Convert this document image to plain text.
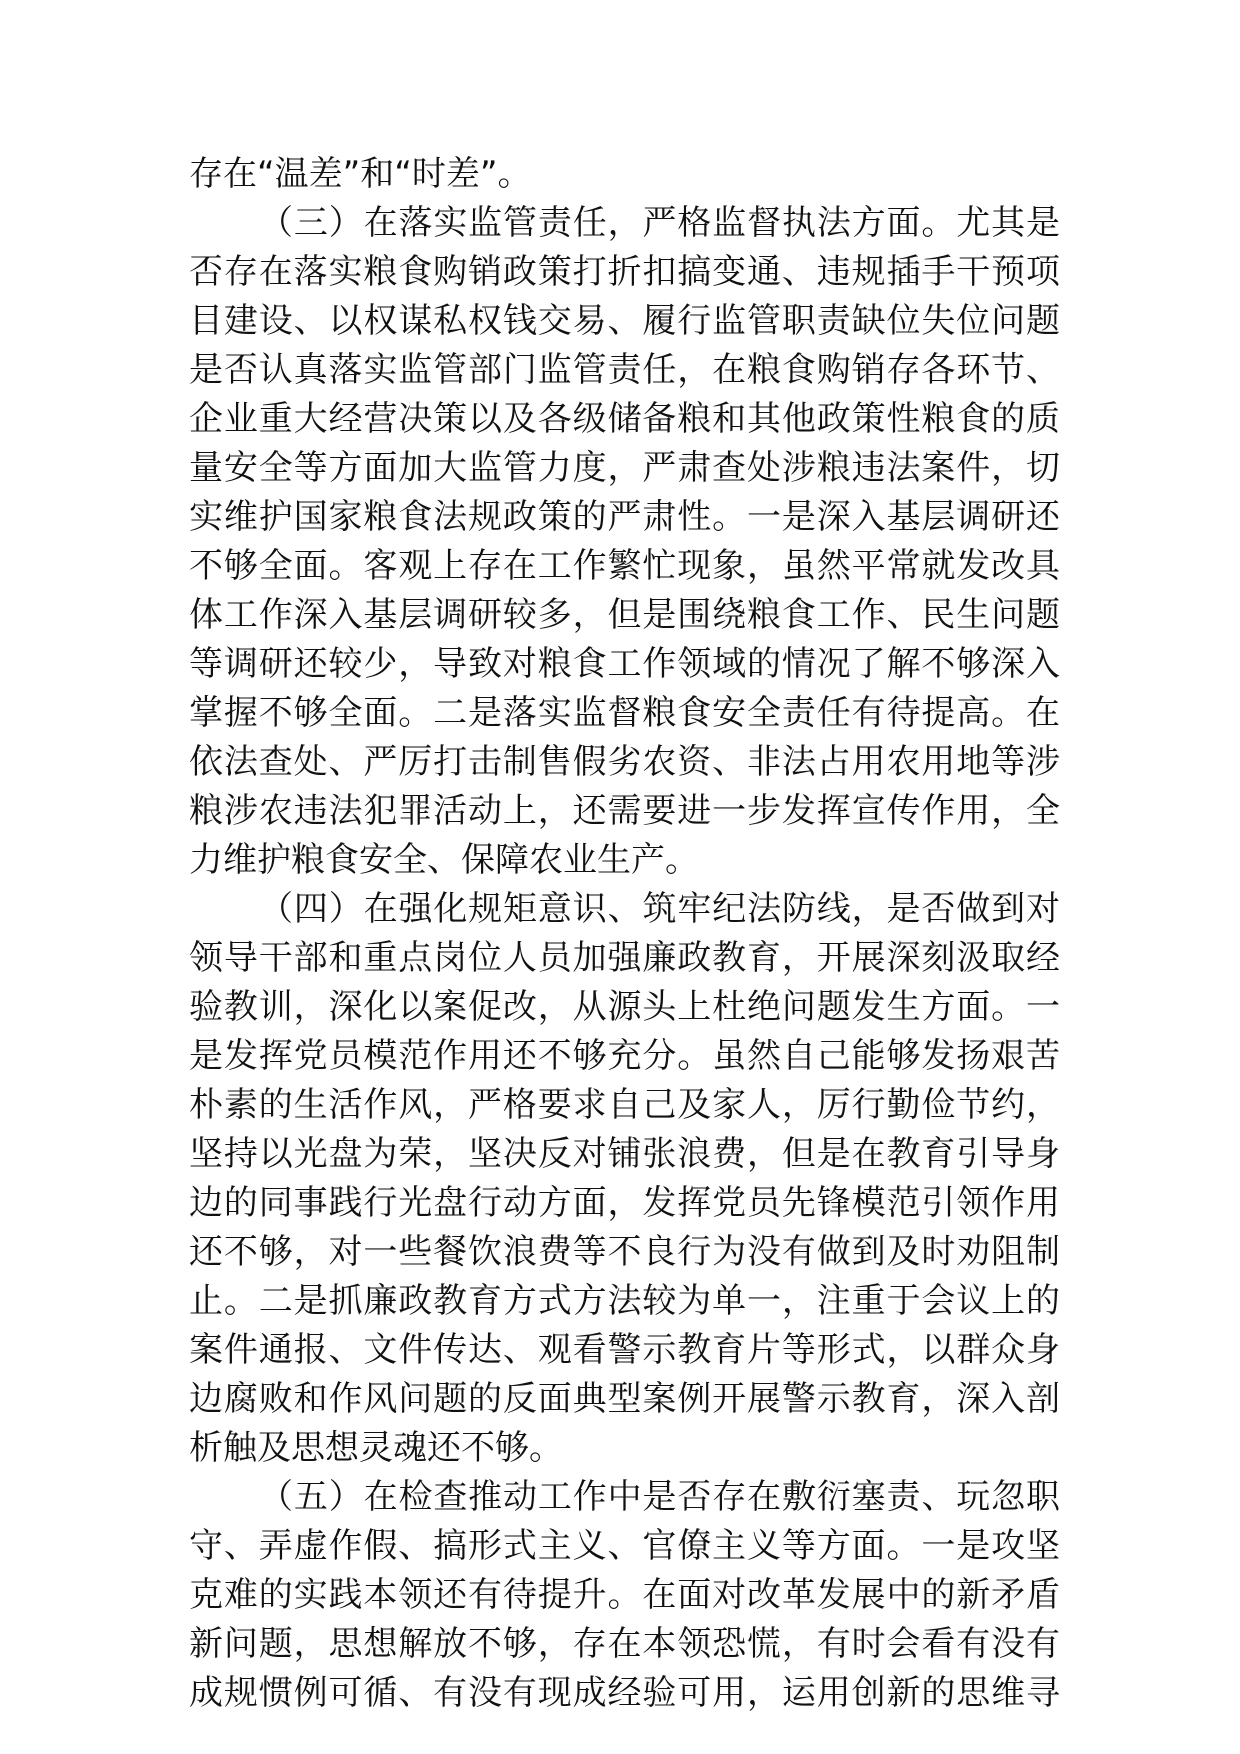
存在“温差”和“时差”。
（三）在落实监管责任，严格监督执法方面。尤其是
否存在落实粮食购销政策打折扣搞变通、违规插手干预项
目建设、以权谋私权钱交易、履行监管职责缺位失位问题
是否认真落实监管部门监管责任，在粮食购销存各环节、
企业重大经营决策以及各级储备粮和其他政策性粮食的质
量安全等方面加大监管力度，严肃查处涉粮违法案件，切
实维护国家粮食法规政策的严肃性。一是深入基层调研还
不够全面。客观上存在工作繁忙现象，虽然平常就发改具
体工作深入基层调研较多，但是围绕粮食工作、民生问题
等调研还较少，导致对粮食工作领域的情况了解不够深入
掌握不够全面。二是落实监督粮食安全责任有待提高。在
依法查处、严厉打击制售假劣农资、非法占用农用地等涉
粮涉农违法犯罪活动上，还需要进一步发挥宣传作用，全
力维护粮食安全、保障农业生产。
（四）在强化规矩意识、筑牢纪法防线，是否做到对
领导干部和重点岗位人员加强廉政教育，开展深刻汲取经
验教训，深化以案促改，从源头上杜绝问题发生方面。一
是发挥党员模范作用还不够充分。虽然自己能够发扬艰苦
朴素的生活作风，严格要求自己及家人，厉行勤俭节约，
坚持以光盘为荣，坚决反对铺张浪费，但是在教育引导身
边的同事践行光盘行动方面，发挥党员先锋模范引领作用
还不够，对一些餐饮浪费等不良行为没有做到及时劝阻制
止。二是抓廉政教育方式方法较为单一，注重于会议上的
案件通报、文件传达、观看警示教育片等形式，以群众身
边腐败和作风问题的反面典型案例开展警示教育，深入剖
析触及思想灵魂还不够。
（五）在检查推动工作中是否存在敷衍塞责、玩忽职
守、弄虚作假、搞形式主义、官僚主义等方面。一是攻坚
克难的实践本领还有待提升。在面对改革发展中的新矛盾
新问题，思想解放不够，存在本领恐慌，有时会看有没有
成规惯例可循、有没有现成经验可用，运用创新的思维寻
